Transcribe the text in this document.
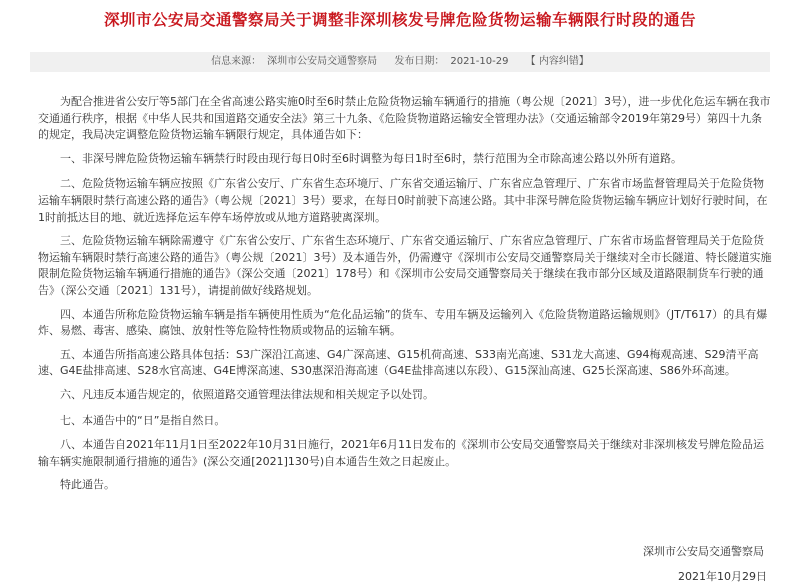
深圳市公安局交通警察局关于调整非深圳核发号牌危险货物运输车辆限行时段的通告
信息来源： 深圳市公安局交通警察局 发布日期： 2021-10-29 【 内容纠错】

为配合推进省公安厅等5部门在全省高速公路实施0时至6时禁止危险货物运输车辆通行的措施（粤公规〔2021〕3号），进一步优化危运车辆在我市交通通行秩序，根据《中华人民共和国道路交通安全法》第三十九条、《危险货物道路运输安全管理办法》（交通运输部令2019年第29号）第四十九条的规定，我局决定调整危险货物运输车辆限行规定，具体通告如下：

一、非深号牌危险货物运输车辆禁行时段由现行每日0时至6时调整为每日1时至6时，禁行范围为全市除高速公路以外所有道路。

二、危险货物运输车辆应按照《广东省公安厅、广东省生态环境厅、广东省交通运输厅、广东省应急管理厅、广东省市场监督管理局关于危险货物运输车辆限时禁行高速公路的通告》（粤公规〔2021〕3号）要求，在每日0时前驶下高速公路。其中非深号牌危险货物运输车辆应计划好行驶时间，在1时前抵达目的地、就近选择危运车停车场停放或从地方道路驶离深圳。

三、危险货物运输车辆除需遵守《广东省公安厅、广东省生态环境厅、广东省交通运输厅、广东省应急管理厅、广东省市场监督管理局关于危险货物运输车辆限时禁行高速公路的通告》（粤公规〔2021〕3号）及本通告外，仍需遵守《深圳市公安局交通警察局关于继续对全市长隧道、特长隧道实施限制危险货物运输车辆通行措施的通告》（深公交通〔2021〕178号）和《深圳市公安局交通警察局关于继续在我市部分区域及道路限制货车行驶的通告》（深公交通〔2021〕131号），请提前做好线路规划。

四、本通告所称危险货物运输车辆是指车辆使用性质为“危化品运输”的货车、专用车辆及运输列入《危险货物道路运输规则》（JT/T617）的具有爆炸、易燃、毒害、感染、腐蚀、放射性等危险特性物质或物品的运输车辆。

五、本通告所指高速公路具体包括：S3广深沿江高速、G4广深高速、G15机荷高速、S33南光高速、S31龙大高速、G94梅观高速、S29清平高速、G4E盐排高速、S28水官高速、G4E博深高速、S30惠深沿海高速（G4E盐排高速以东段）、G15深汕高速、G25长深高速、S86外环高速。

六、凡违反本通告规定的，依照道路交通管理法律法规和相关规定予以处罚。

七、本通告中的“日”是指自然日。

八、本通告自2021年11月1日至2022年10月31日施行，2021年6月11日发布的《深圳市公安局交通警察局关于继续对非深圳核发号牌危险品运输车辆实施限制通行措施的通告》(深公交通[2021]130号)自本通告生效之日起废止。

特此通告。

深圳市公安局交通警察局
2021年10月29日
